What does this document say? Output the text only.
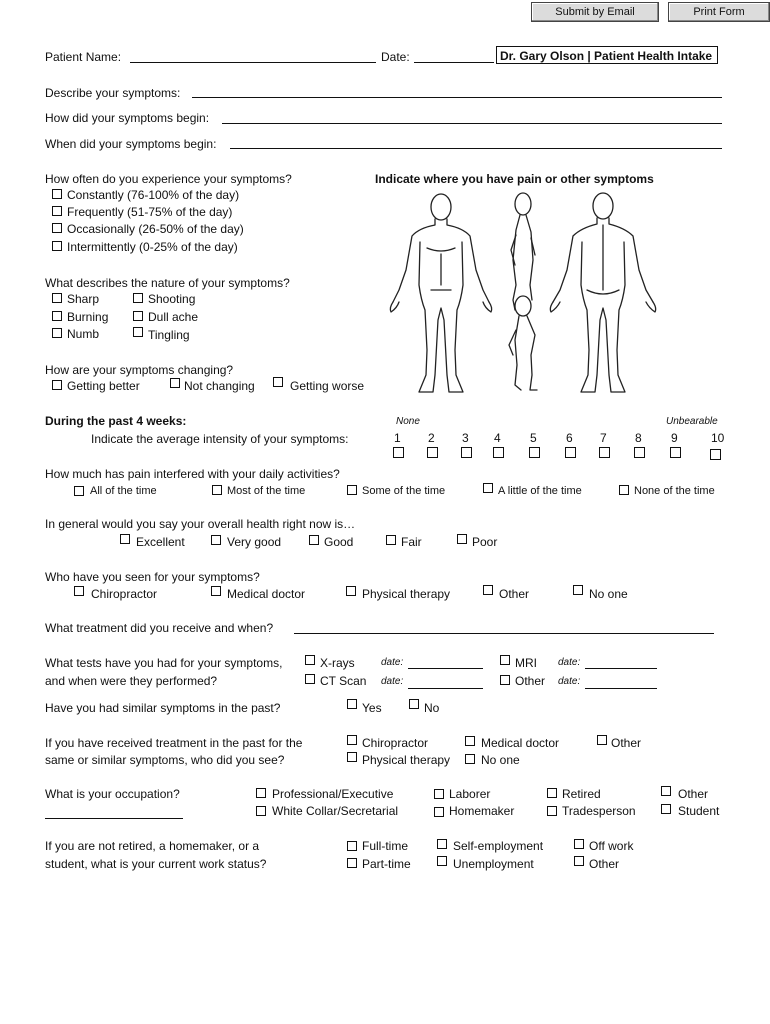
Submit by Email	Print Form
Patient Name:	Date:	Dr. Gary Olson | Patient Health Intake
Describe your symptoms:
How did your symptoms begin:
When did your symptoms begin:
How often do you experience your symptoms?
Constantly (76-100% of the day)
Frequently (51-75% of the day)
Occasionally (26-50% of the day)
Intermittently (0-25% of the day)
Indicate where you have pain or other symptoms
What describes the nature of your symptoms?
Sharp	Shooting
Burning	Dull ache
Numb	Tingling
How are your symptoms changing?
Getting better	Not changing	Getting worse
During the past 4 weeks:
Indicate the average intensity of your symptoms:
None	Unbearable
1 2 3 4 5 6 7 8 9	10
How much has pain interfered with your daily activities?
All of the time	Most of the time	Some of the time	A little of the time	None of the time
In general would you say your overall health right now is…
Excellent	Very good	Good	Fair	Poor
Who have you seen for your symptoms?
Chiropractor	Medical doctor	Physical therapy	Other	No one
What treatment did you receive and when?
What tests have you had for your symptoms,
and when were they performed?
X-rays	date:	MRI date:
CT Scan date:	Other date:
Have you had similar symptoms in the past?	Yes	No
If you have received treatment in the past for the
same or similar symptoms, who did you see?
Chiropractor	Medical doctor	Other
Physical therapy	No one
What is your occupation?	Professional/Executive	Laborer	Retired	Other
White Collar/Secretarial	Homemaker	Tradesperson	Student
If you are not retired, a homemaker, or a
student, what is your current work status?
Full-time	Self-employment	Off work
Part-time	Unemployment	Other
